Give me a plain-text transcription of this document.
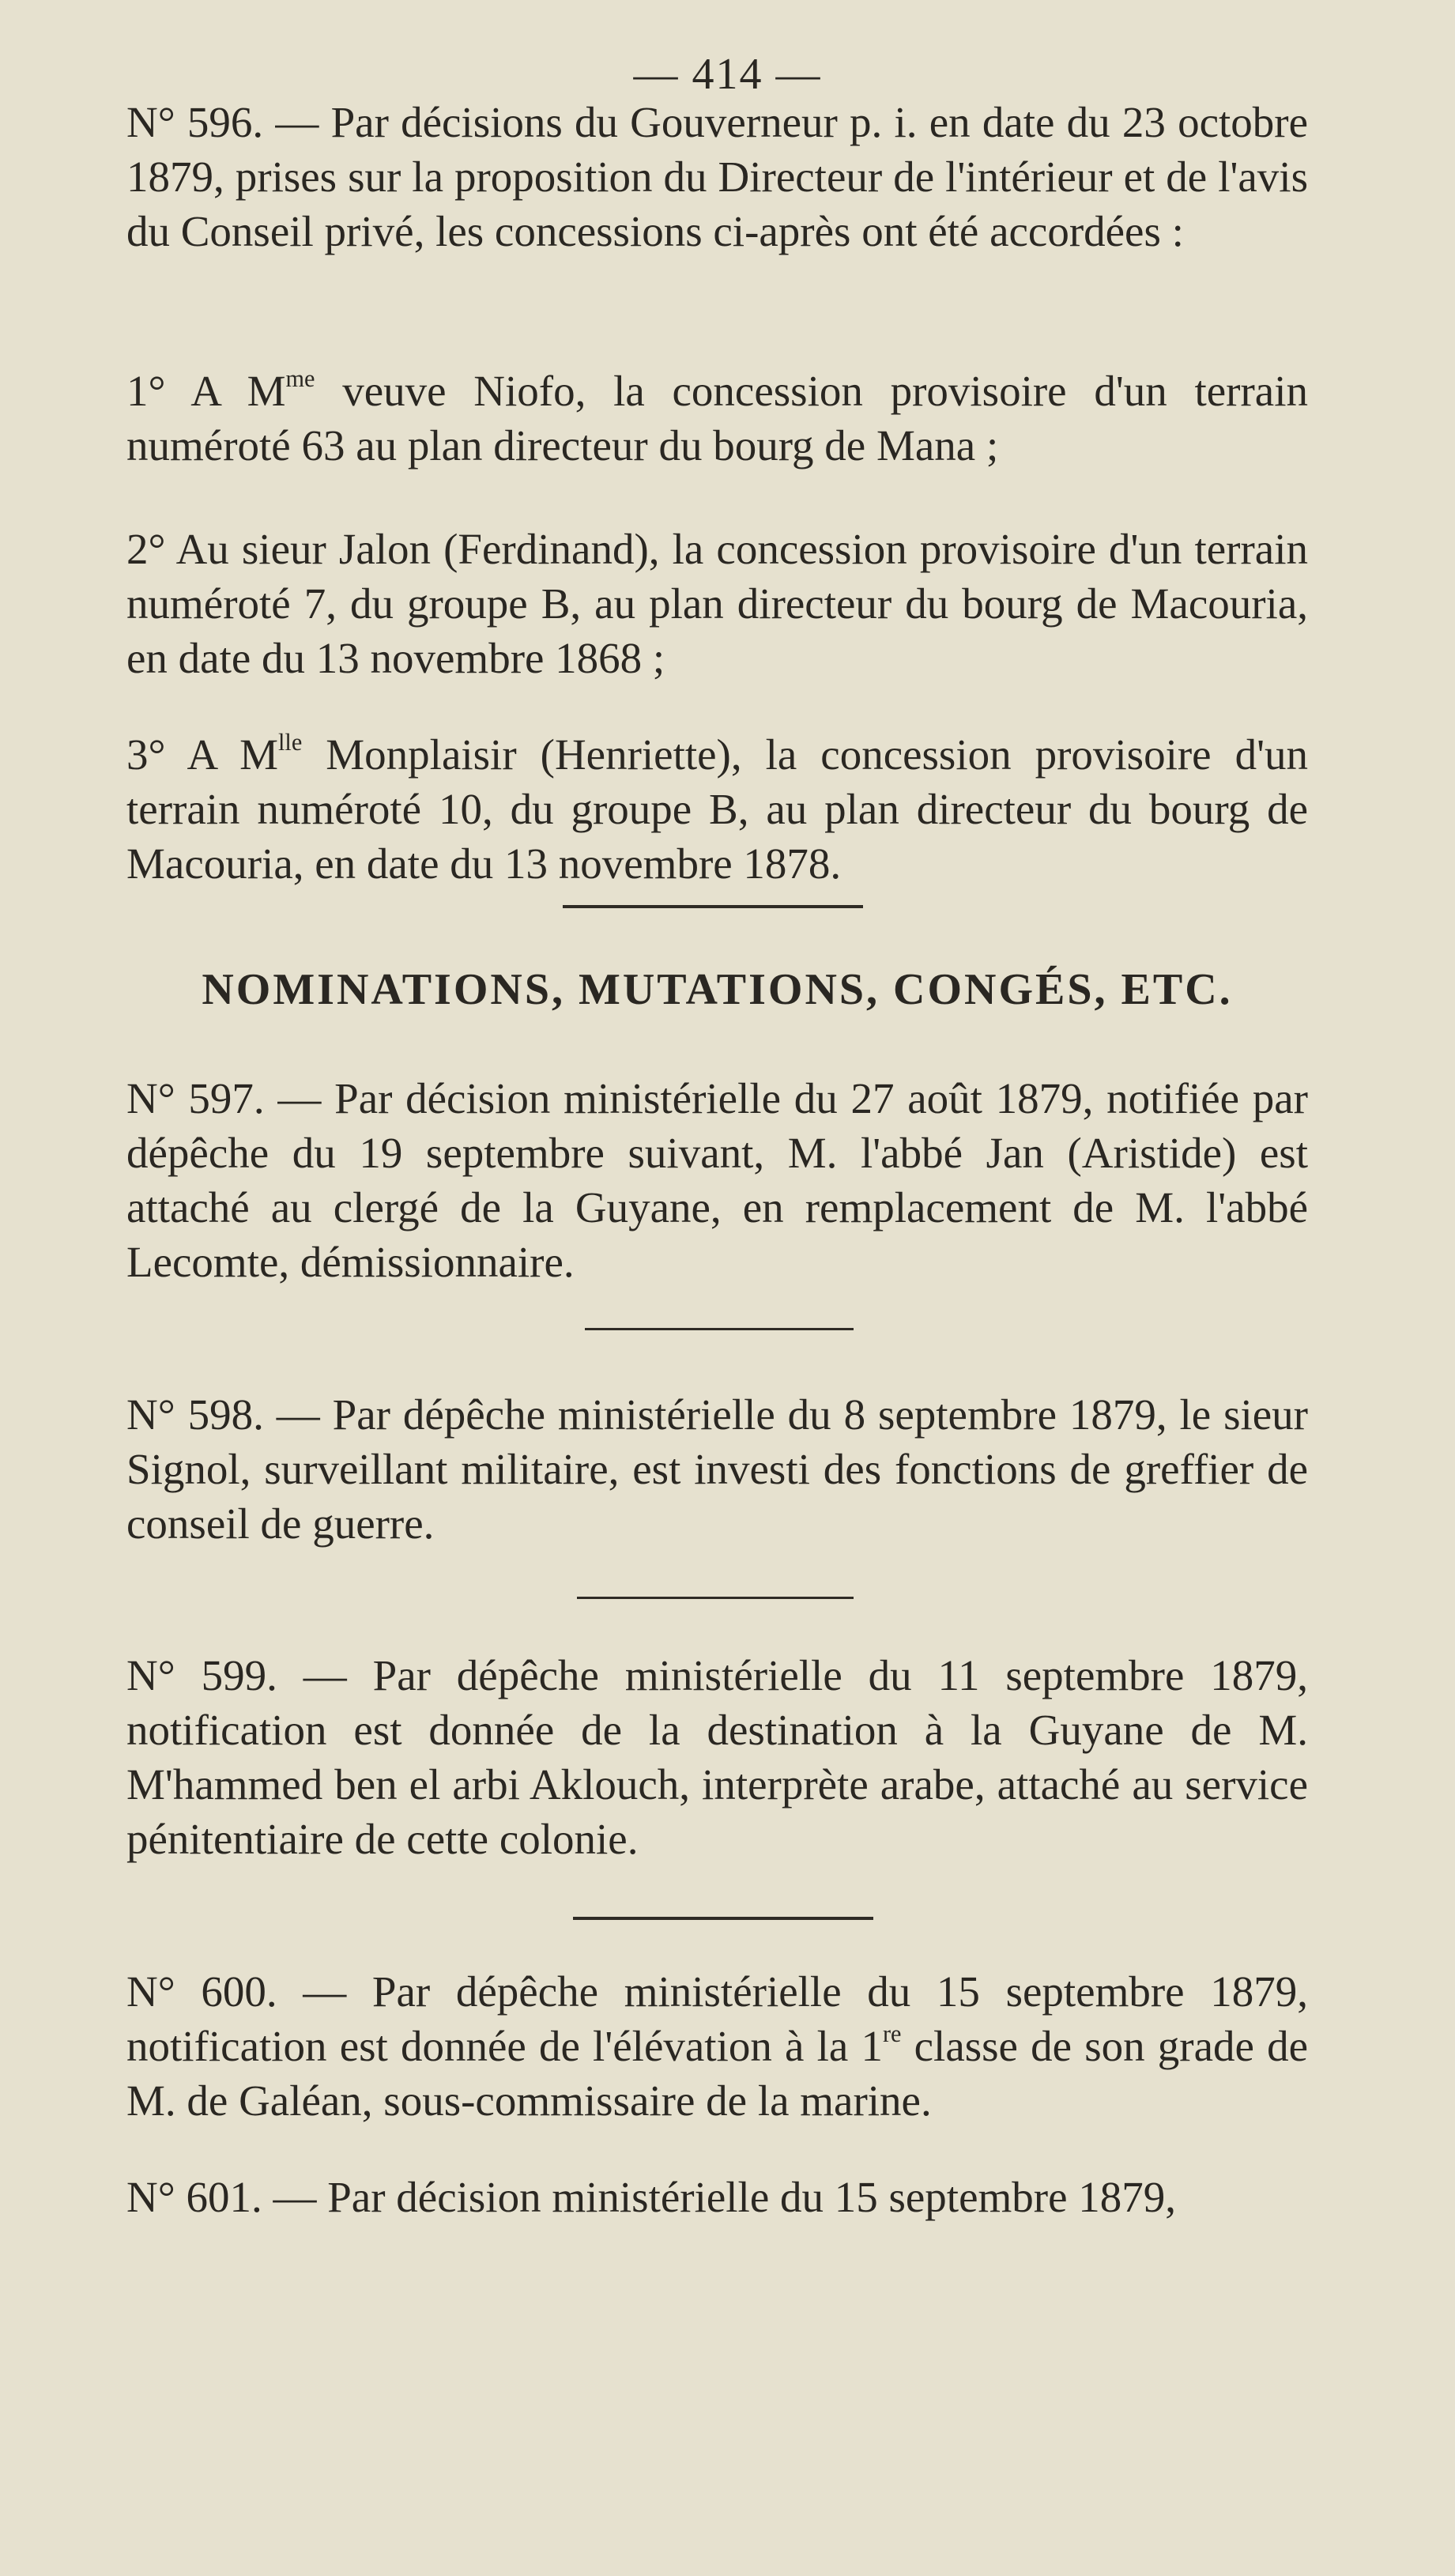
— 414 —

N° 596. — Par décisions du Gouverneur p. i. en date du 23 octobre 1879, prises sur la proposition du Directeur de l'intérieur et de l'avis du Conseil privé, les concessions ci-après ont été accordées :

1° A $M^{me}$ veuve Niofo, la concession provisoire d'un terrain numéroté 63 au plan directeur du bourg de Mana ;

2° Au sieur Jalon (Ferdinand), la concession provisoire d'un terrain numéroté 7, du groupe B, au plan directeur du bourg de Macouria, en date du 13 novembre 1868 ;

3° A $M^{lle}$ Monplaisir (Henriette), la concession provisoire d'un terrain numéroté 10, du groupe B, au plan directeur du bourg de Macouria, en date du 13 novembre 1878.

NOMINATIONS, MUTATIONS, CONGÉS, ETC.

N° 597. — Par décision ministérielle du 27 août 1879, notifiée par dépêche du 19 septembre suivant, M. l'abbé Jan (Aristide) est attaché au clergé de la Guyane, en remplacement de M. l'abbé Lecomte, démissionnaire.

N° 598. — Par dépêche ministérielle du 8 septembre 1879, le sieur Signol, surveillant militaire, est investi des fonctions de greffier de conseil de guerre.

N° 599. — Par dépêche ministérielle du 11 septembre 1879, notification est donnée de la destination à la Guyane de M. M'hammed ben el arbi Aklouch, interprète arabe, attaché au service pénitentiaire de cette colonie.

N° 600. — Par dépêche ministérielle du 15 septembre 1879, notification est donnée de l'élévation à la 1re classe de son grade de M. de Galéan, sous-commissaire de la marine.

N° 601. — Par décision ministérielle du 15 septembre 1879,
